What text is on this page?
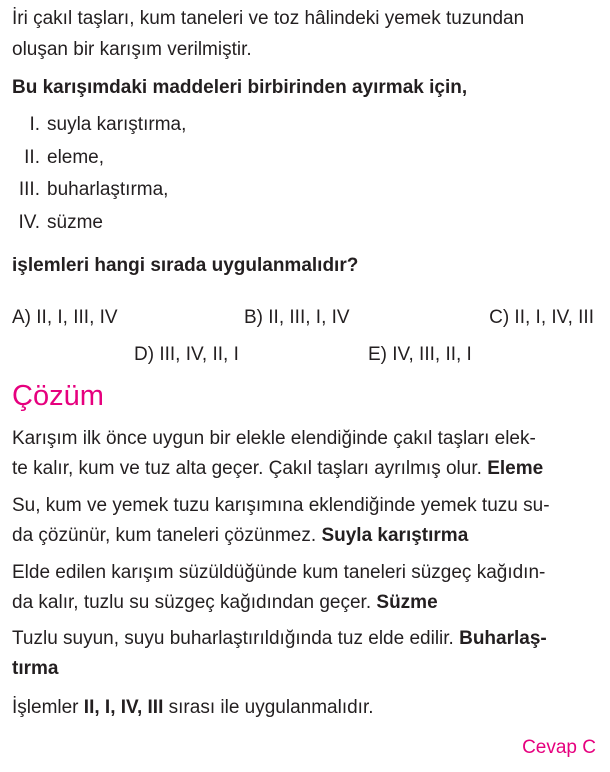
İri çakıl taşları, kum taneleri ve toz hâlindeki yemek tuzundan
oluşan bir karışım verilmiştir.

Bu karışımdaki maddeleri birbirinden ayırmak için,

I. suyla karıştırma,
II. eleme,
III. buharlaştırma,
IV. süzme

işlemleri hangi sırada uygulanmalıdır?

A) II, I, III, IV	B) II, III, I, IV	C) II, I, IV, III
D) III, IV, II, I	E) IV, III, II, I
Çözüm

Karışım ilk önce uygun bir elekle elendiğinde çakıl taşları elek-
te kalır, kum ve tuz alta geçer. Çakıl taşları ayrılmış olur. Eleme

Su, kum ve yemek tuzu karışımına eklendiğinde yemek tuzu su-
da çözünür, kum taneleri çözünmez. Suyla karıştırma

Elde edilen karışım süzüldüğünde kum taneleri süzgeç kağıdın-
da kalır, tuzlu su süzgeç kağıdından geçer. Süzme

Tuzlu suyun, suyu buharlaştırıldığında tuz elde edilir. Buharlaş-
tırma

İşlemler II, I, IV, III sırası ile uygulanmalıdır.

Cevap C
